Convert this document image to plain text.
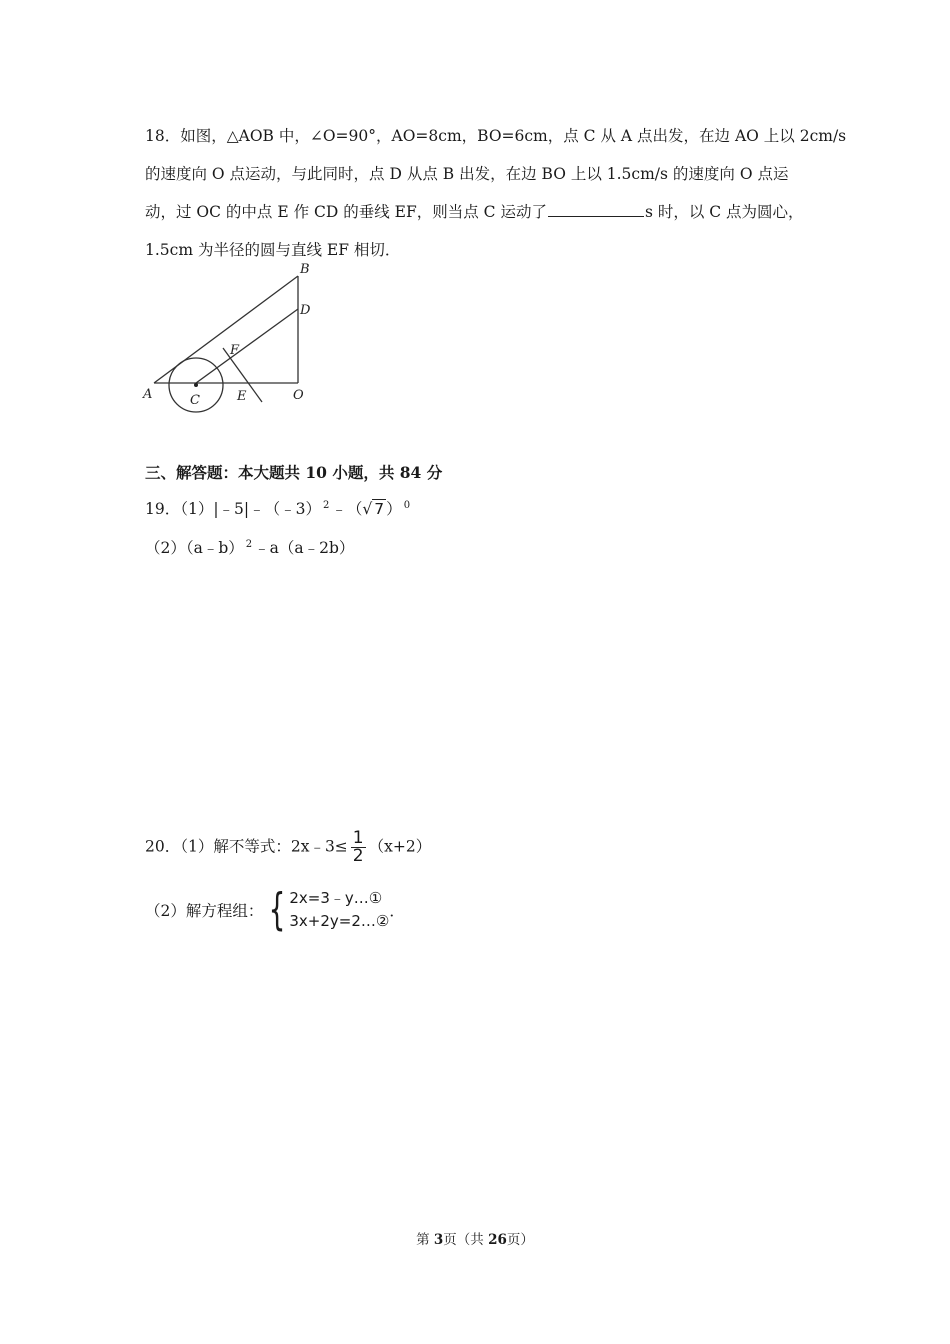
18．如图，△AOB 中，∠O=90°，AO=8cm，BO=6cm，点 C 从 A 点出发，在边 AO 上以 2cm/s
的速度向 O 点运动，与此同时，点 D 从点 B 出发，在边 BO 上以 1.5cm/s 的速度向 O 点运
动，过 OC 的中点 E 作 CD 的垂线 EF，则当点 C 运动了	s 时，以 C 点为圆心，
1.5cm 为半径的圆与直线 EF 相切．
B
D
F
A	C	E	O
三、解答题：本大题共 10 小题，共 84 分
19．（1）|﹣5|﹣（﹣3） $^2$ ﹣（√ 7 ） $^0$
（2）（a﹣b） $^2$ ﹣a（a﹣2b）
20．（1）解不等式：2x﹣3≤ $\frac{1}{2} (x+2)$
（2）解方程组： { 2x=3﹣y…①
3x+2y=2…②
．
第 3页（共 26页）
